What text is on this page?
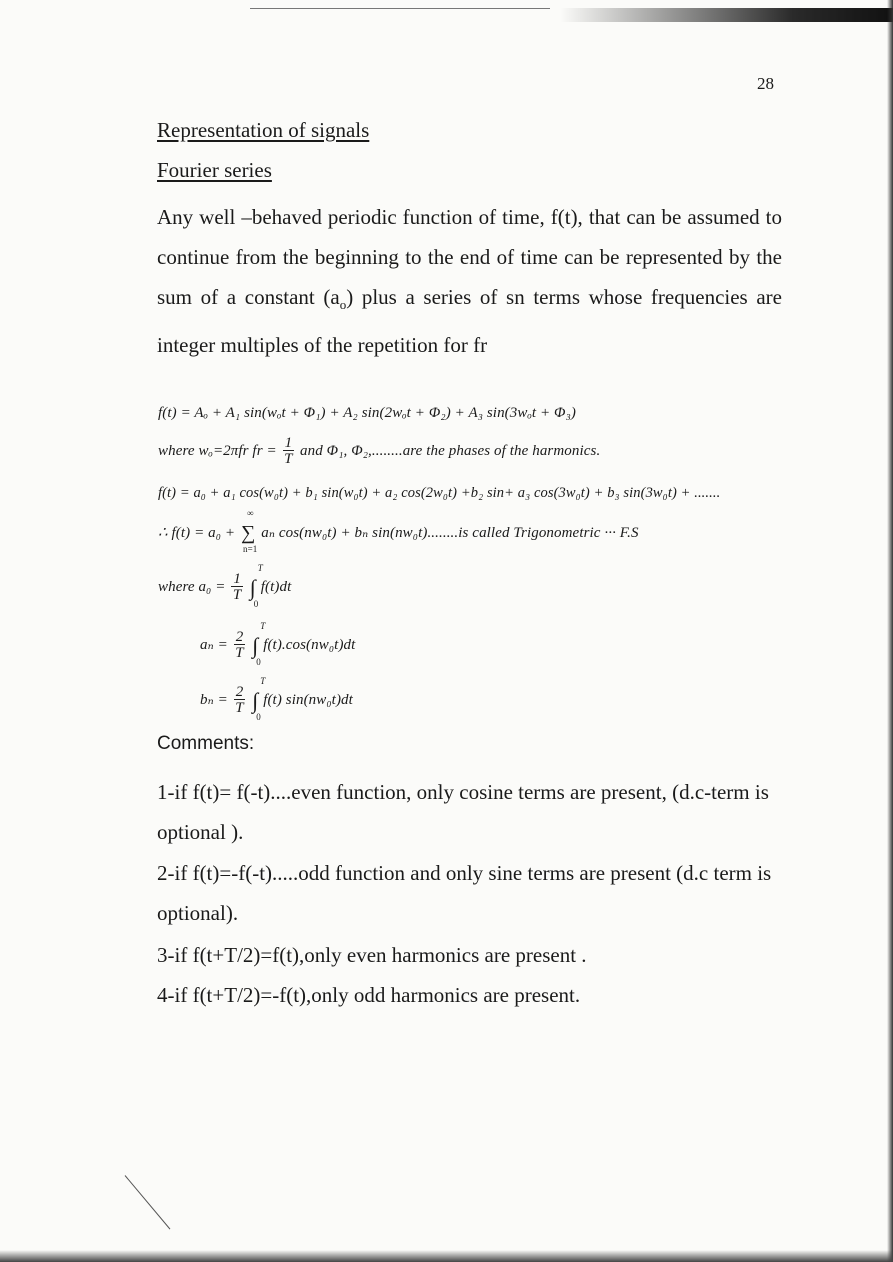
28
Representation of signals
Fourier series
Any well –behaved periodic function of time, f(t), that can be assumed to continue from the beginning to the end of time can be represented by the sum of a constant $(a_o)$ plus a series of sn terms whose frequencies are integer multiples of the repetition for fr
f(t) = Aₒ + A₁ sin(wₒt + Φ₁) + A₂ sin(2wₒt + Φ₂) + A₃ sin(3wₒt + Φ₃)
where wₒ=2πfr fr = $\frac{1}{T}$ and Φ₁, Φ₂,........are the phases of the harmonics.
f(t) = a₀ + a₁ cos(w₀t) + b₁ sin(w₀t) + a₂ cos(2w₀t) +b₂ sin+ a₃ cos(3w₀t) + b₃ sin(3w₀t) + .......
∴ f(t) = a₀ + ∑
∞
n=1
aₙ cos(nw₀t) + bₙ sin(nw₀t)........is called Trigonometric ··· F.S
where $a_0 = \frac{1}{T}$ ∫
T
0
f(t)dt
$a_n = \frac{2}{T}$ ∫
T
0
f(t).cos(nw₀t)dt
$b_n = \frac{2}{T}$ ∫
T
0
f(t) sin(nw₀t)dt
Comments:
1-if f(t)= f(-t)....even function, only cosine terms are present, (d.c-term is optional ).
2-if f(t)=-f(-t).....odd function and only sine terms are present (d.c term is optional).
3-if f(t+T/2)=f(t),only even harmonics are present .
4-if f(t+T/2)=-f(t),only odd harmonics are present.
